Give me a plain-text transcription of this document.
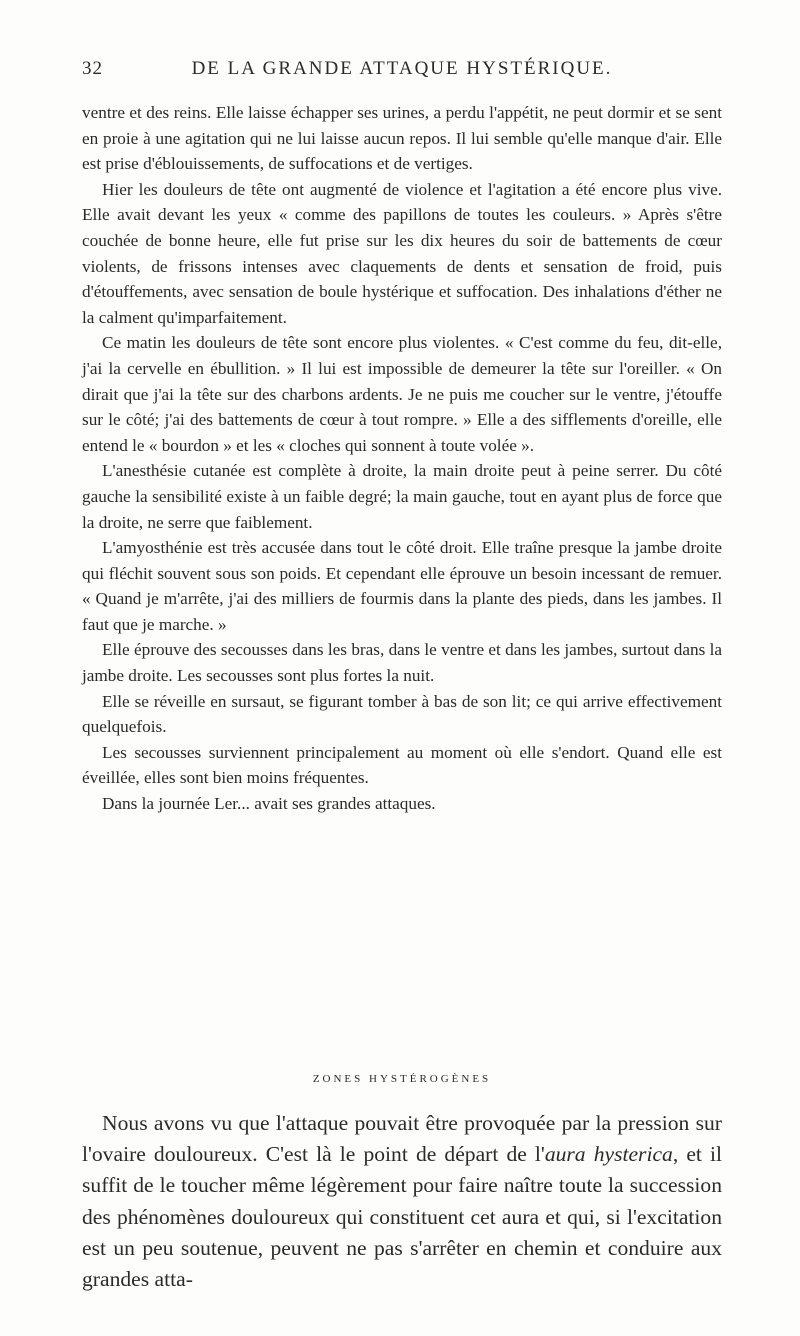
32	DE LA GRANDE ATTAQUE HYSTÉRIQUE.

ventre et des reins. Elle laisse échapper ses urines, a perdu l'appétit, ne peut dormir et se sent en proie à une agitation qui ne lui laisse aucun repos. Il lui semble qu'elle manque d'air. Elle est prise d'éblouissements, de suffocations et de vertiges.

Hier les douleurs de tête ont augmenté de violence et l'agitation a été encore plus vive. Elle avait devant les yeux « comme des papillons de toutes les couleurs. » Après s'être couchée de bonne heure, elle fut prise sur les dix heures du soir de battements de cœur violents, de frissons intenses avec claquements de dents et sensation de froid, puis d'étouffements, avec sensation de boule hystérique et suffocation. Des inhalations d'éther ne la calment qu'imparfaitement.

Ce matin les douleurs de tête sont encore plus violentes. « C'est comme du feu, dit-elle, j'ai la cervelle en ébullition. » Il lui est impossible de demeurer la tête sur l'oreiller. « On dirait que j'ai la tête sur des charbons ardents. Je ne puis me coucher sur le ventre, j'étouffe sur le côté; j'ai des battements de cœur à tout rompre. » Elle a des sifflements d'oreille, elle entend le « bourdon » et les « cloches qui sonnent à toute volée ».

L'anesthésie cutanée est complète à droite, la main droite peut à peine serrer. Du côté gauche la sensibilité existe à un faible degré; la main gauche, tout en ayant plus de force que la droite, ne serre que faiblement.

L'amyosthénie est très accusée dans tout le côté droit. Elle traîne presque la jambe droite qui fléchit souvent sous son poids. Et cependant elle éprouve un besoin incessant de remuer. « Quand je m'arrête, j'ai des milliers de fourmis dans la plante des pieds, dans les jambes. Il faut que je marche. »

Elle éprouve des secousses dans les bras, dans le ventre et dans les jambes, surtout dans la jambe droite. Les secousses sont plus fortes la nuit.

Elle se réveille en sursaut, se figurant tomber à bas de son lit; ce qui arrive effectivement quelquefois.

Les secousses surviennent principalement au moment où elle s'endort. Quand elle est éveillée, elles sont bien moins fréquentes.

Dans la journée Ler... avait ses grandes attaques.

ZONES HYSTÉROGÈNES

Nous avons vu que l'attaque pouvait être provoquée par la pression sur l'ovaire douloureux. C'est là le point de départ de l'aura hysterica, et il suffit de le toucher même légèrement pour faire naître toute la succession des phénomènes douloureux qui constituent cet aura et qui, si l'excitation est un peu soutenue, peuvent ne pas s'arrêter en chemin et conduire aux grandes atta-
